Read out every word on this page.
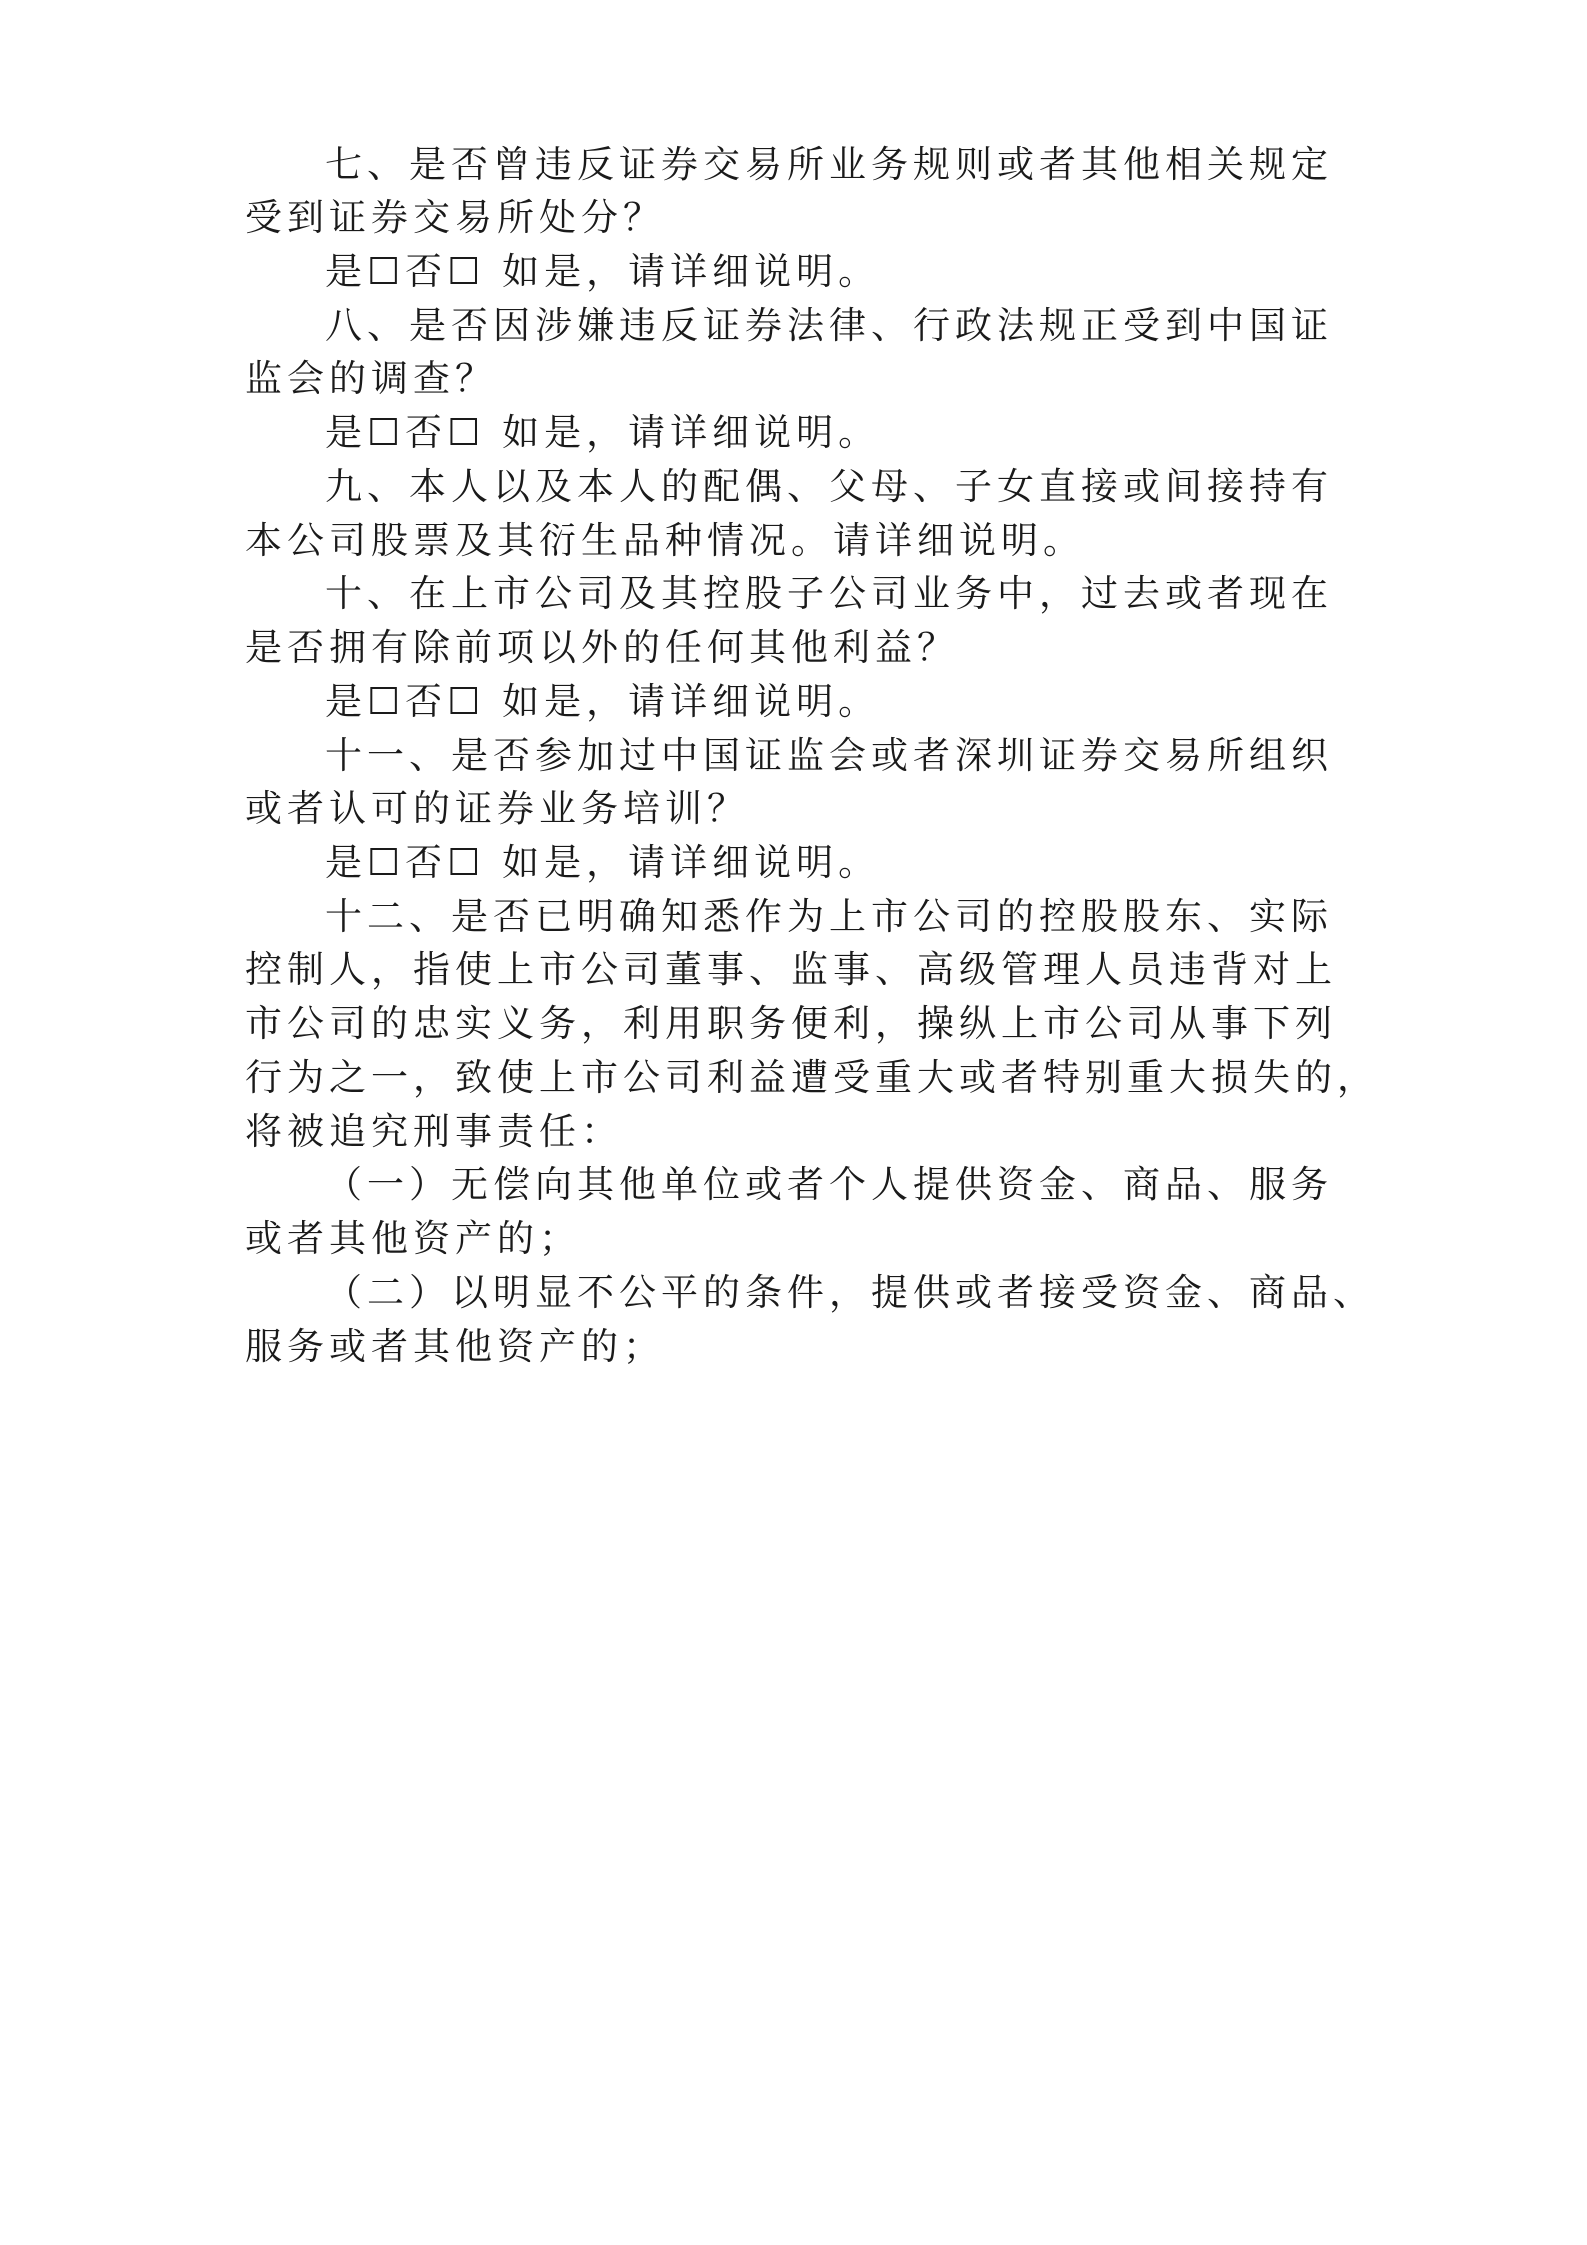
七、是否曾违反证券交易所业务规则或者其他相关规定
受到证券交易所处分？
是☐否☐ 如是，请详细说明。
八、是否因涉嫌违反证券法律、行政法规正受到中国证
监会的调查？
是☐否☐ 如是，请详细说明。
九、本人以及本人的配偶、父母、子女直接或间接持有
本公司股票及其衍生品种情况。请详细说明。
十、在上市公司及其控股子公司业务中，过去或者现在
是否拥有除前项以外的任何其他利益？
是☐否☐ 如是，请详细说明。
十一、是否参加过中国证监会或者深圳证券交易所组织
或者认可的证券业务培训？
是☐否☐ 如是，请详细说明。
十二、是否已明确知悉作为上市公司的控股股东、实际
控制人，指使上市公司董事、监事、高级管理人员违背对上
市公司的忠实义务，利用职务便利，操纵上市公司从事下列
行为之一，致使上市公司利益遭受重大或者特别重大损失的，
将被追究刑事责任：
（一）无偿向其他单位或者个人提供资金、商品、服务
或者其他资产的；
（二）以明显不公平的条件，提供或者接受资金、商品、
服务或者其他资产的；
